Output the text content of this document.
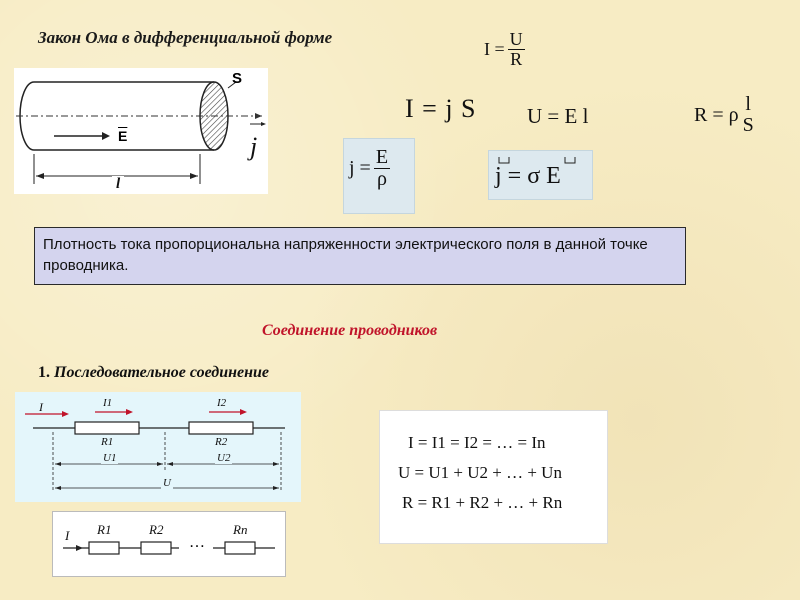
Закон Ома в дифференциальной форме
S
$\overline{E}$	j
l
$I = \frac{U}{R}$
I = j S U = E l	R = ρ l
S
$j = \frac{E}{\rho}$	j = σ E
Плотность тока пропорциональна напряженности электрического поля в данной точке проводника.
Соединение проводников
1. Последовательное соединение
I	I1	I2
R1	R2
U1	U2
U
I R1	R2	Rn
…
I = I1 = I2 = … = In
U = U1 + U2 + … + Un
R = R1 + R2 + … + Rn
